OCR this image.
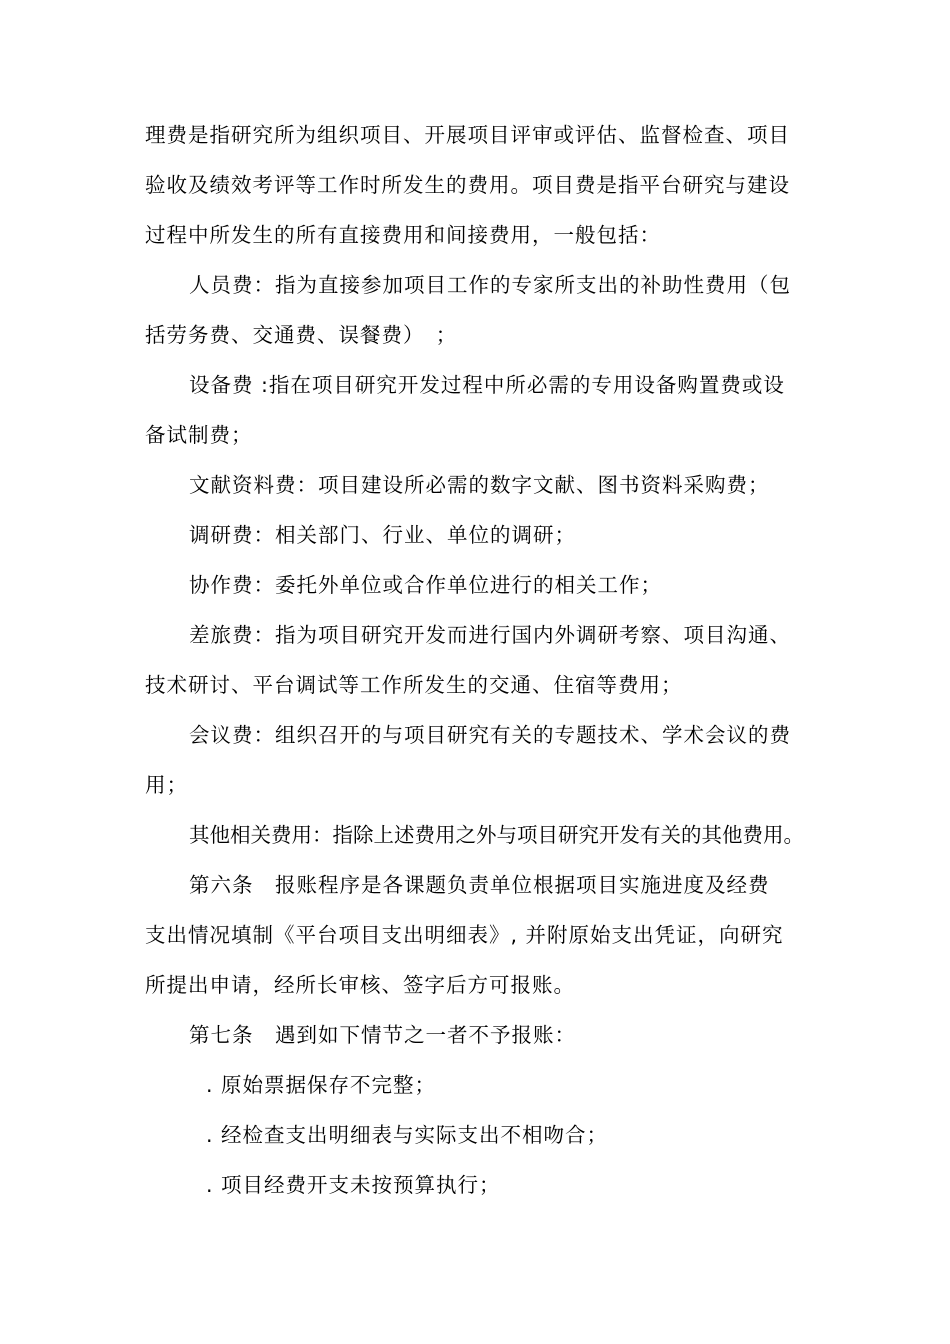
理费是指研究所为组织项目、开展项目评审或评估、监督检查、项目

验收及绩效考评等工作时所发生的费用。项目费是指平台研究与建设

过程中所发生的所有直接费用和间接费用，一般包括：

人员费：指为直接参加项目工作的专家所支出的补助性费用（包

括劳务费、交通费、误餐费）　；

设备费 :指在项目研究开发过程中所必需的专用设备购置费或设

备试制费；

文献资料费：项目建设所必需的数字文献、图书资料采购费；

调研费：相关部门、行业、单位的调研；

协作费：委托外单位或合作单位进行的相关工作；

差旅费：指为项目研究开发而进行国内外调研考察、项目沟通、

技术研讨、平台调试等工作所发生的交通、住宿等费用；

会议费：组织召开的与项目研究有关的专题技术、学术会议的费

用；

其他相关费用：指除上述费用之外与项目研究开发有关的其他费用。

第六条　报账程序是各课题负责单位根据项目实施进度及经费

支出情况填制《平台项目支出明细表》, 并附原始支出凭证，向研究

所提出申请，经所长审核、签字后方可报账。

第七条　遇到如下情节之一者不予报账：

. 原始票据保存不完整；

. 经检查支出明细表与实际支出不相吻合；

. 项目经费开支未按预算执行；
